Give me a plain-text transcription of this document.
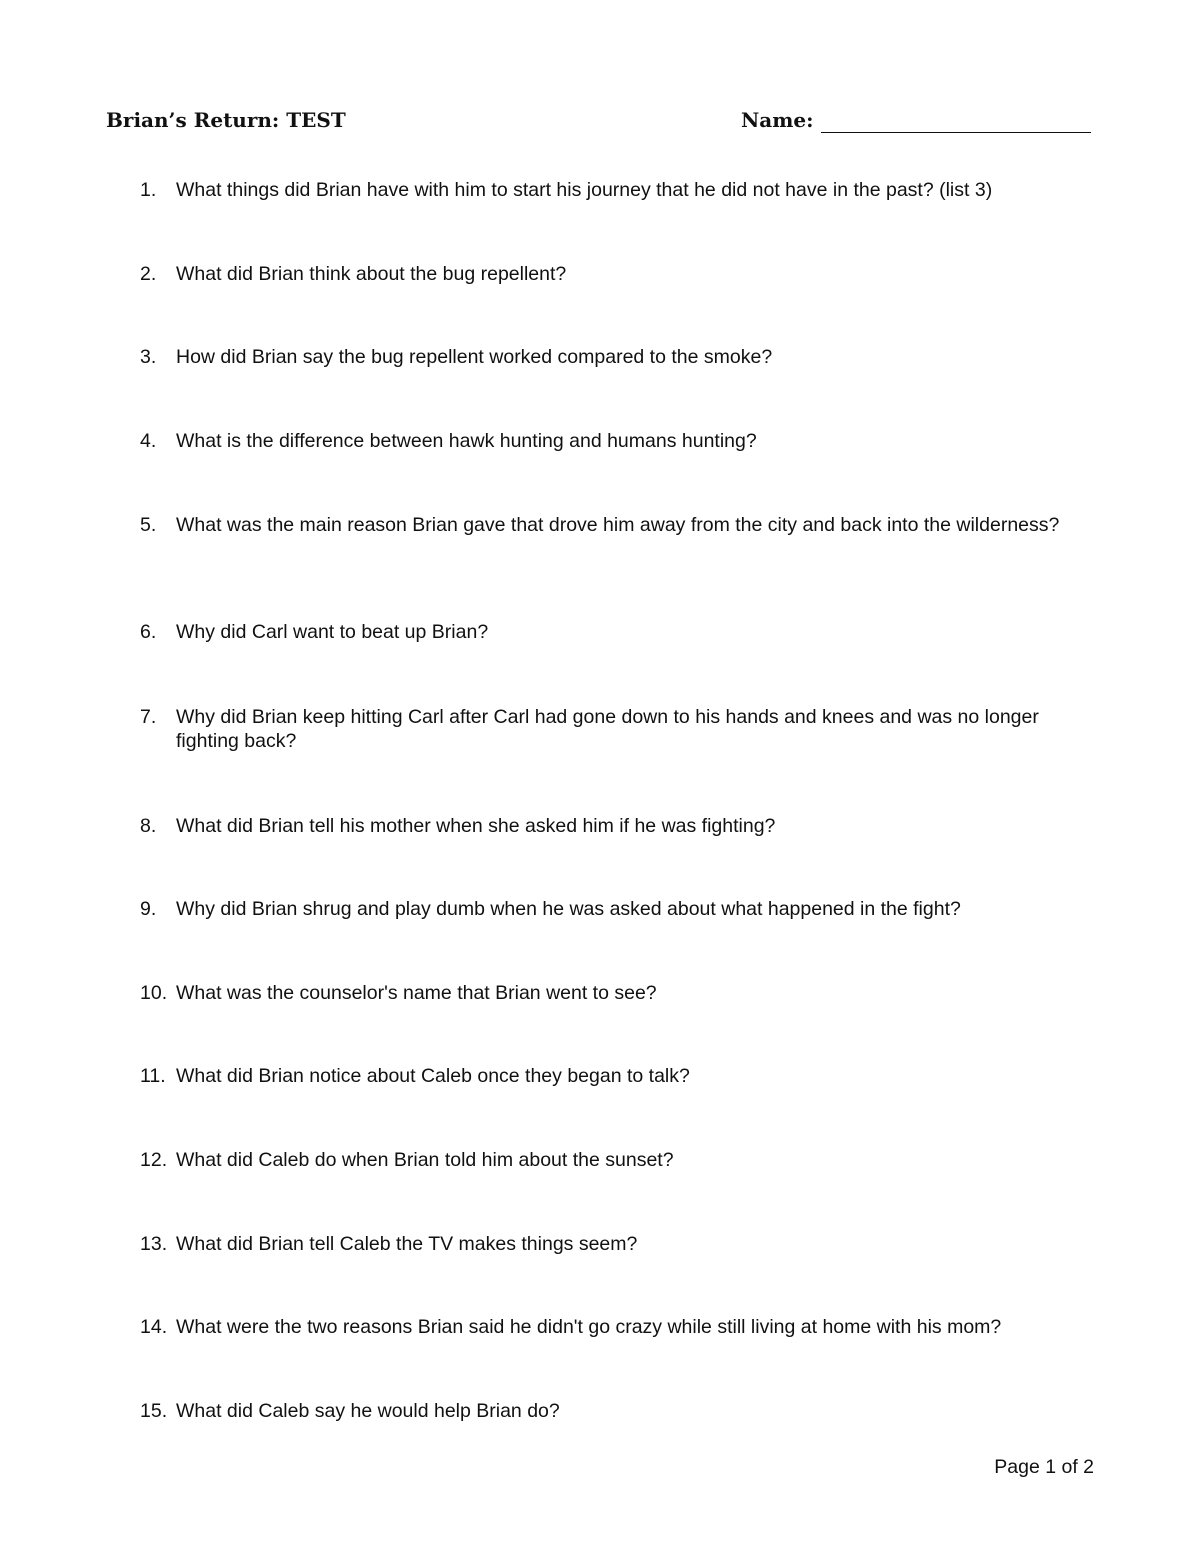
Brian’s Return: TEST	Name:
1.	What things did Brian have with him to start his journey that he did not have in the past? (list 3)
2.	What did Brian think about the bug repellent?
3.	How did Brian say the bug repellent worked compared to the smoke?
4.	What is the difference between hawk hunting and humans hunting?
5.	What was the main reason Brian gave that drove him away from the city and back into the wilderness?
6.	Why did Carl want to beat up Brian?
7.	Why did Brian keep hitting Carl after Carl had gone down to his hands and knees and was no longer fighting back?
8.	What did Brian tell his mother when she asked him if he was fighting?
9.	Why did Brian shrug and play dumb when he was asked about what happened in the fight?
10. What was the counselor's name that Brian went to see?
11. What did Brian notice about Caleb once they began to talk?
12. What did Caleb do when Brian told him about the sunset?
13. What did Brian tell Caleb the TV makes things seem?
14. What were the two reasons Brian said he didn't go crazy while still living at home with his mom?
15. What did Caleb say he would help Brian do?
Page 1 of 2
